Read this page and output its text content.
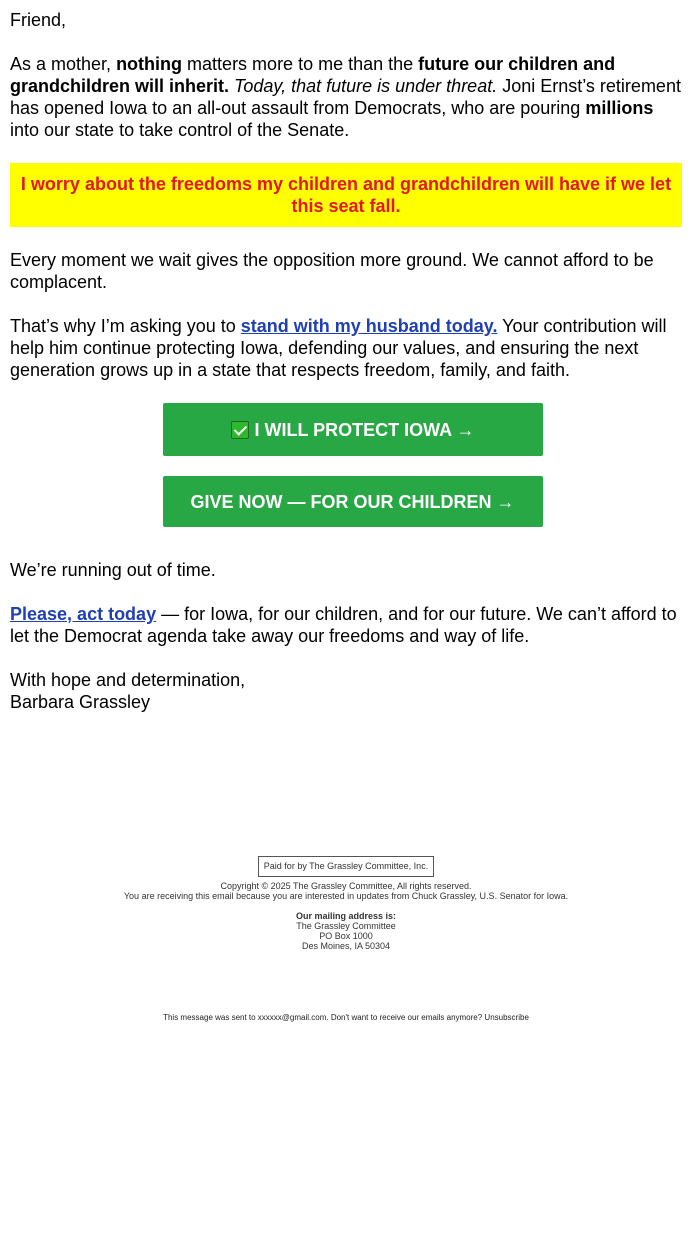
Friend,

As a mother, nothing matters more to me than the future our children and grandchildren will inherit. Today, that future is under threat. Joni Ernst’s retirement has opened Iowa to an all-out assault from Democrats, who are pouring millions into our state to take control of the Senate.

I worry about the freedoms my children and grandchildren will have if we let this seat fall.

Every moment we wait gives the opposition more ground. We cannot afford to be complacent.

That’s why I’m asking you to stand with my husband today. Your contribution will help him continue protecting Iowa, defending our values, and ensuring the next generation grows up in a state that respects freedom, family, and faith.

I WILL PROTECT IOWA →
GIVE NOW — FOR OUR CHILDREN →

We’re running out of time.

Please, act today — for Iowa, for our children, and for our future. We can’t afford to let the Democrat agenda take away our freedoms and way of life.

With hope and determination,
Barbara Grassley

Paid for by The Grassley Committee, Inc.

Copyright © 2025 The Grassley Committee, All rights reserved.

You are receiving this email because you are interested in updates from Chuck Grassley, U.S. Senator for Iowa.

Our mailing address is:

The Grassley Committee

PO Box 1000

Des Moines, IA 50304

This message was sent to xxxxxx@gmail.com. Don't want to receive our emails anymore? Unsubscribe
